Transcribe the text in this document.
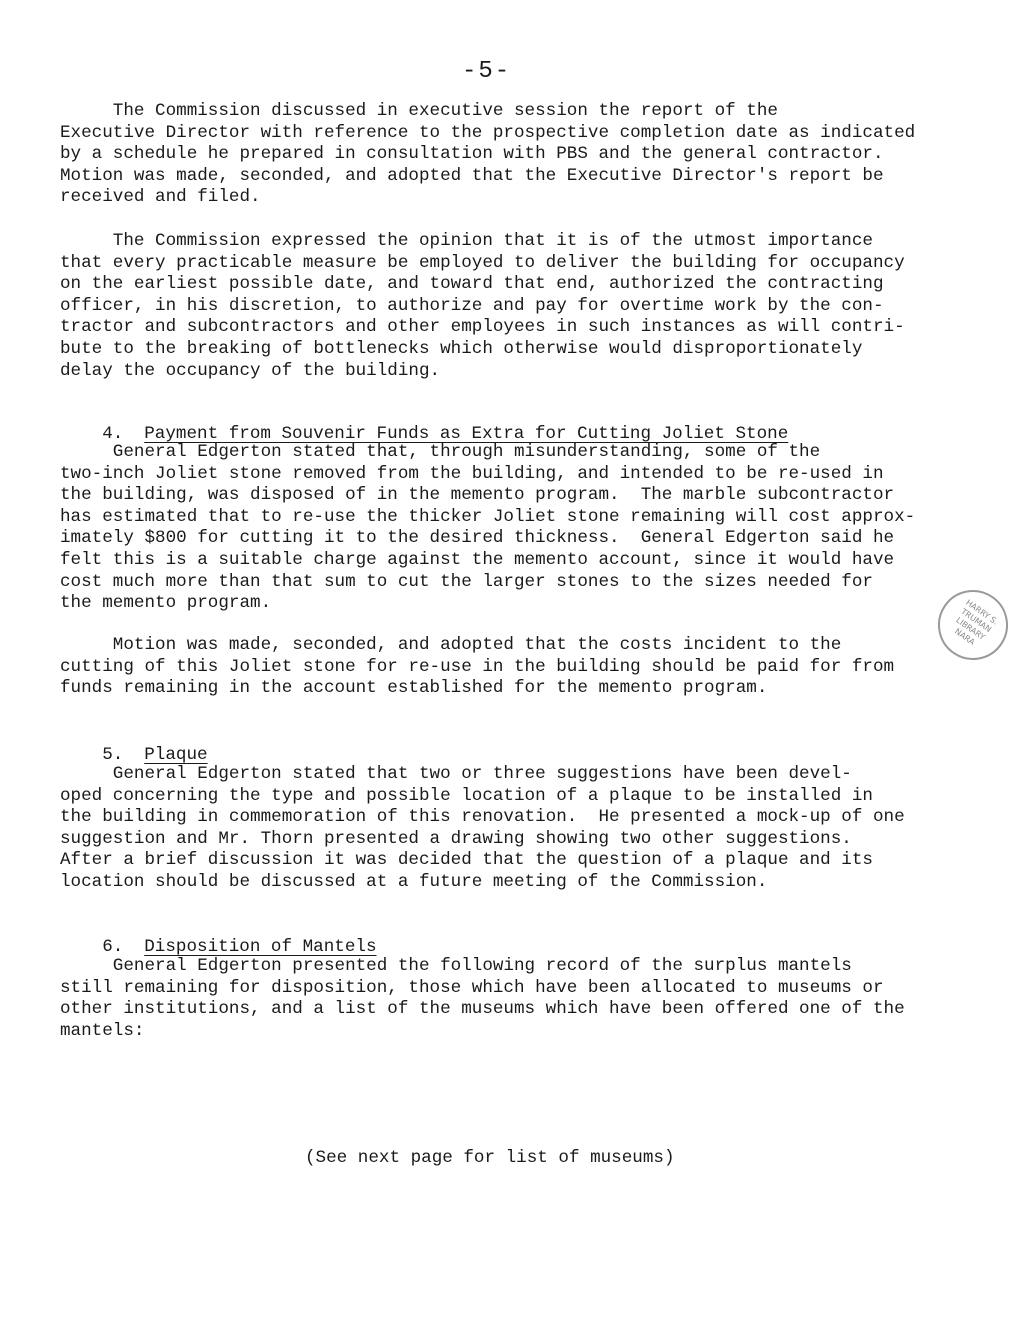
-5-
The Commission discussed in executive session the report of the
Executive Director with reference to the prospective completion date as indicated
by a schedule he prepared in consultation with PBS and the general contractor.
Motion was made, seconded, and adopted that the Executive Director's report be
received and filed.
The Commission expressed the opinion that it is of the utmost importance
that every practicable measure be employed to deliver the building for occupancy
on the earliest possible date, and toward that end, authorized the contracting
officer, in his discretion, to authorize and pay for overtime work by the con-
tractor and subcontractors and other employees in such instances as will contri-
bute to the breaking of bottlenecks which otherwise would disproportionately
delay the occupancy of the building.

4. Payment from Souvenir Funds as Extra for Cutting Joliet Stone

General Edgerton stated that, through misunderstanding, some of the
two-inch Joliet stone removed from the building, and intended to be re-used in
the building, was disposed of in the memento program.  The marble subcontractor
has estimated that to re-use the thicker Joliet stone remaining will cost approx-
imately $800 for cutting it to the desired thickness.  General Edgerton said he
felt this is a suitable charge against the memento account, since it would have
cost much more than that sum to cut the larger stones to the sizes needed for
the memento program.
Motion was made, seconded, and adopted that the costs incident to the
cutting of this Joliet stone for re-use in the building should be paid for from
funds remaining in the account established for the memento program.

5. Plaque

General Edgerton stated that two or three suggestions have been devel-
oped concerning the type and possible location of a plaque to be installed in
the building in commemoration of this renovation.  He presented a mock-up of one
suggestion and Mr. Thorn presented a drawing showing two other suggestions.
After a brief discussion it was decided that the question of a plaque and its
location should be discussed at a future meeting of the Commission.

6. Disposition of Mantels

General Edgerton presented the following record of the surplus mantels
still remaining for disposition, those which have been allocated to museums or
other institutions, and a list of the museums which have been offered one of the
mantels:
(See next page for list of museums)
HARRY S. TRUMAN LIBRARY NARA
